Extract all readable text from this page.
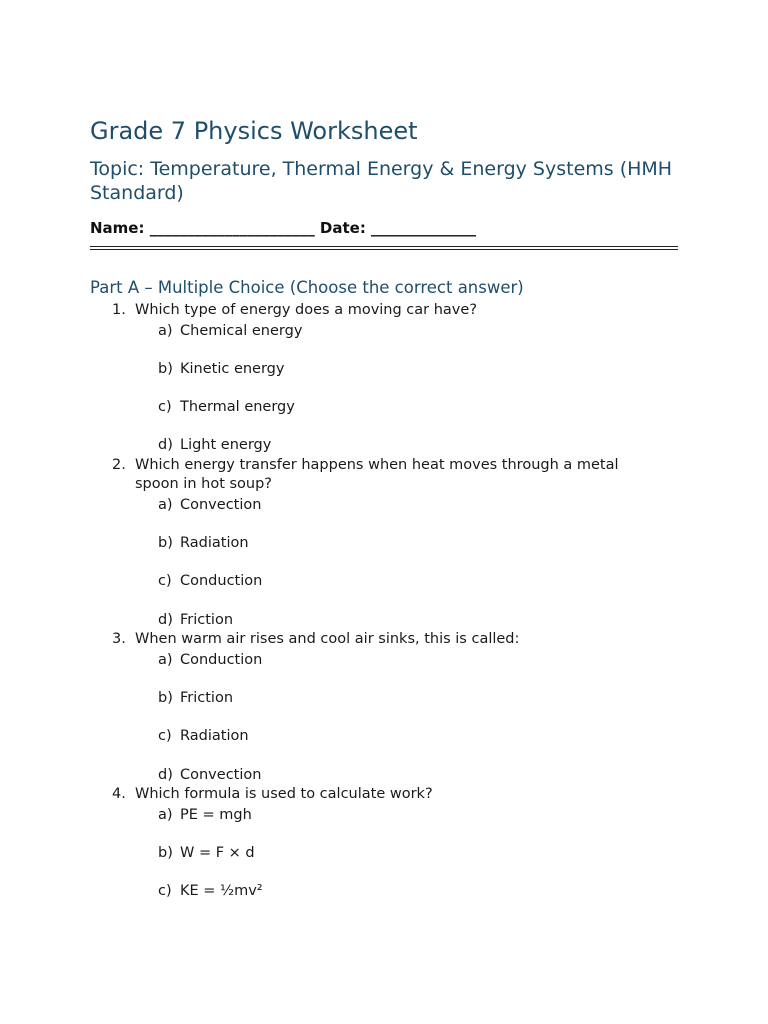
Grade 7 Physics Worksheet
Topic: Temperature, Thermal Energy & Energy Systems (HMH Standard)
Name: ______________________ Date: ______________
Part A – Multiple Choice (Choose the correct answer)
1. Which type of energy does a moving car have?
a) Chemical energy
b) Kinetic energy
c) Thermal energy
d) Light energy
2. Which energy transfer happens when heat moves through a metal spoon in hot soup?
a) Convection
b) Radiation
c) Conduction
d) Friction
3. When warm air rises and cool air sinks, this is called:
a) Conduction
b) Friction
c) Radiation
d) Convection
4. Which formula is used to calculate work?
a) PE = mgh
b) W = F × d
c) KE = ½mv²
